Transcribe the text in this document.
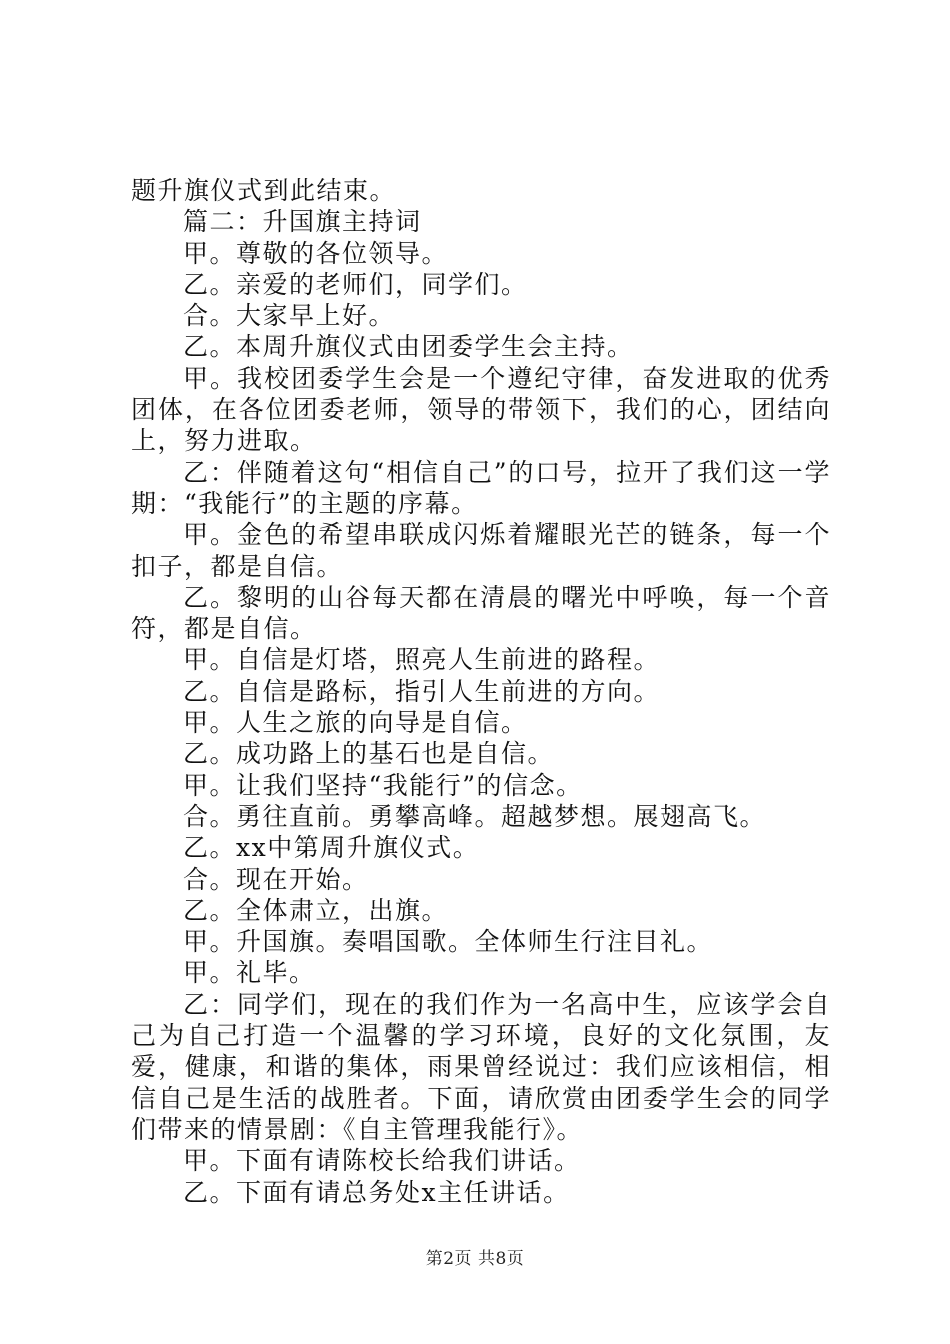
题升旗仪式到此结束。

篇二：升国旗主持词

甲。尊敬的各位领导。

乙。亲爱的老师们，同学们。

合。大家早上好。

乙。本周升旗仪式由团委学生会主持。

甲。我校团委学生会是一个遵纪守律，奋发进取的优秀团体，在各位团委老师，领导的带领下，我们的心，团结向上，努力进取。

乙：伴随着这句“相信自己”的口号，拉开了我们这一学期：“我能行”的主题的序幕。

甲。金色的希望串联成闪烁着耀眼光芒的链条，每一个扣子，都是自信。

乙。黎明的山谷每天都在清晨的曙光中呼唤，每一个音符，都是自信。

甲。自信是灯塔，照亮人生前进的路程。

乙。自信是路标，指引人生前进的方向。

甲。人生之旅的向导是自信。

乙。成功路上的基石也是自信。

甲。让我们坚持“我能行”的信念。

合。勇往直前。勇攀高峰。超越梦想。展翅高飞。

乙。xx中第周升旗仪式。

合。现在开始。

乙。全体肃立，出旗。

甲。升国旗。奏唱国歌。全体师生行注目礼。

甲。礼毕。

乙：同学们，现在的我们作为一名高中生，应该学会自己为自己打造一个温馨的学习环境，良好的文化氛围，友爱，健康，和谐的集体，雨果曾经说过：我们应该相信，相信自己是生活的战胜者。下面，请欣赏由团委学生会的同学们带来的情景剧：《自主管理我能行》。

甲。下面有请陈校长给我们讲话。

乙。下面有请总务处x主任讲话。

第2页 共8页
